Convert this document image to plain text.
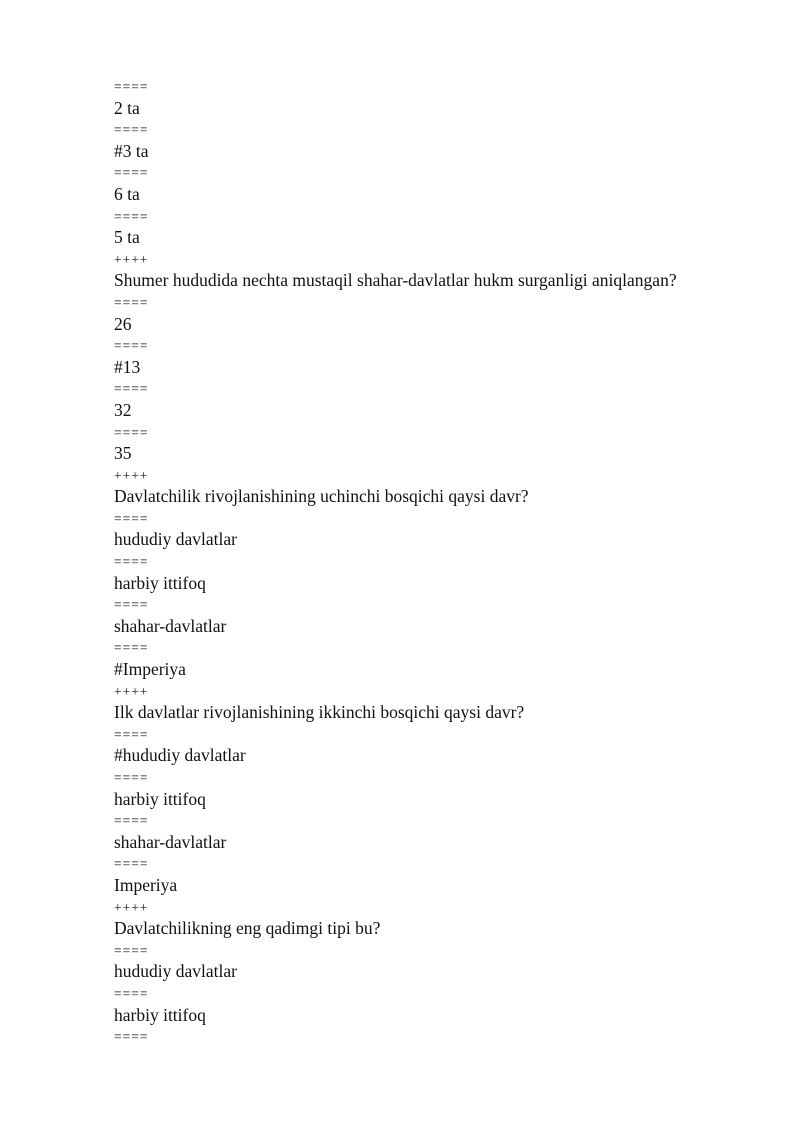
====
2 ta
====
#3 ta
====
6 ta
====
5 ta
++++
Shumer hududida nechta mustaqil shahar-davlatlar hukm surganligi aniqlangan?
====
26
====
#13
====
32
====
35
++++
Davlatchilik rivojlanishining uchinchi bosqichi qaysi davr?
====
hududiy davlatlar
====
harbiy ittifoq
====
shahar-davlatlar
====
#Imperiya
++++
Ilk davlatlar rivojlanishining ikkinchi bosqichi qaysi davr?
====
#hududiy davlatlar
====
harbiy ittifoq
====
shahar-davlatlar
====
Imperiya
++++
Davlatchilikning eng qadimgi tipi bu?
====
hududiy davlatlar
====
harbiy ittifoq
====
